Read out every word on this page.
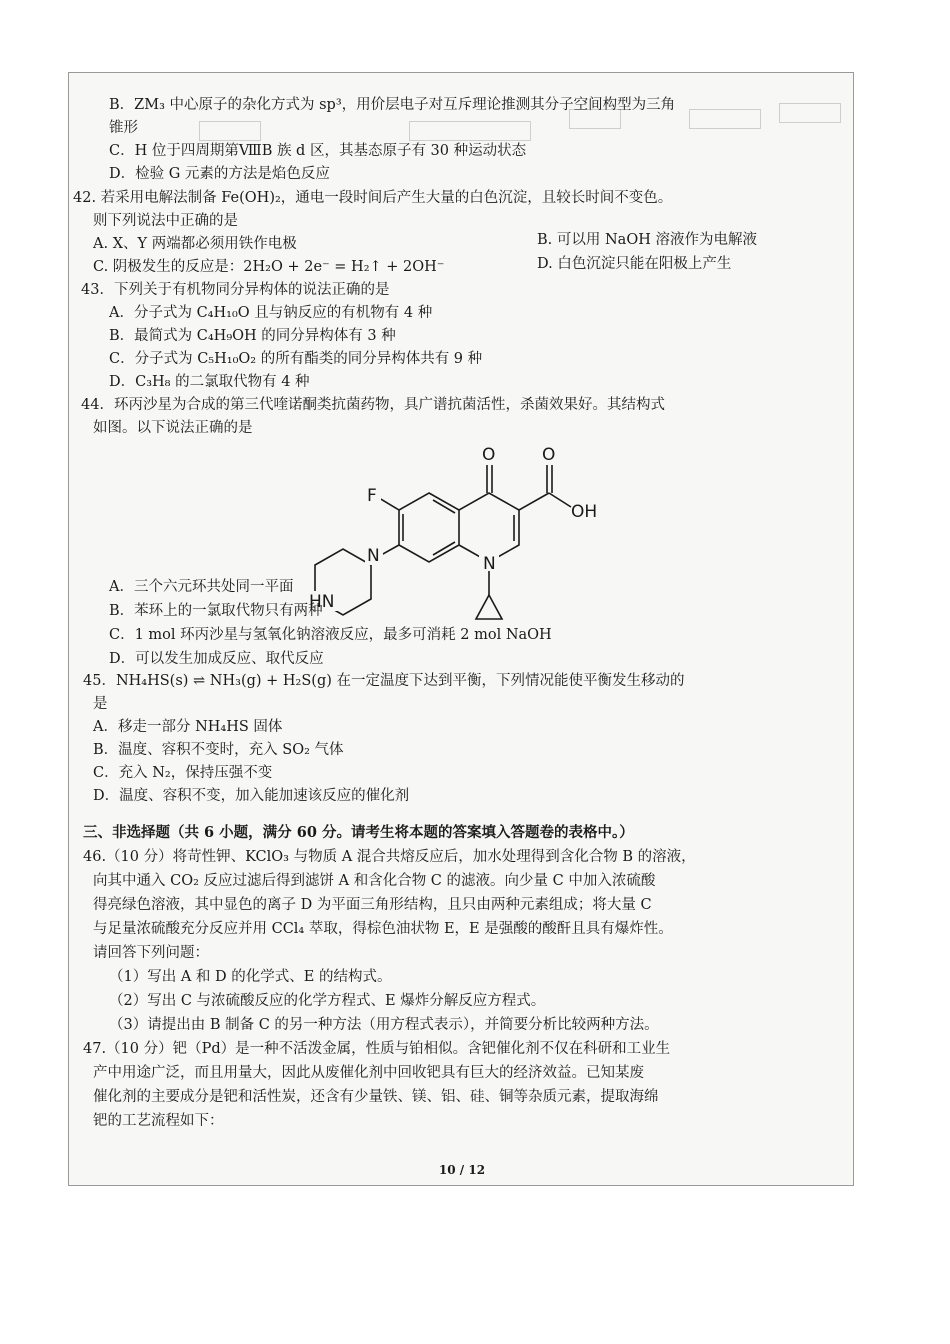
B．ZM₃ 中心原子的杂化方式为 sp³，用价层电子对互斥理论推测其分子空间构型为三角
锥形
C．H 位于四周期第ⅧB 族 d 区，其基态原子有 30 种运动状态
D．检验 G 元素的方法是焰色反应
42. 若采用电解法制备 Fe(OH)₂，通电一段时间后产生大量的白色沉淀，且较长时间不变色。
则下列说法中正确的是
A. X、Y 两端都必须用铁作电极	B. 可以用 NaOH 溶液作为电解液
C. 阴极发生的反应是：2H₂O + 2e⁻ = H₂↑ + 2OH⁻	D. 白色沉淀只能在阳极上产生
43．下列关于有机物同分异构体的说法正确的是
A．分子式为 C₄H₁₀O 且与钠反应的有机物有 4 种
B．最简式为 C₄H₉OH 的同分异构体有 3 种
C．分子式为 C₅H₁₀O₂ 的所有酯类的同分异构体共有 9 种
D．C₃H₈ 的二氯取代物有 4 种
44．环丙沙星为合成的第三代喹诺酮类抗菌药物，具广谱抗菌活性，杀菌效果好。其结构式
如图。以下说法正确的是
F
O	O
OH
N
N
HN
A．三个六元环共处同一平面
B．苯环上的一氯取代物只有两种
C．1 mol 环丙沙星与氢氧化钠溶液反应，最多可消耗 2 mol NaOH
D．可以发生加成反应、取代反应
45．NH₄HS(s) ⇌ NH₃(g) + H₂S(g) 在一定温度下达到平衡，下列情况能使平衡发生移动的
是
A．移走一部分 NH₄HS 固体
B．温度、容积不变时，充入 SO₂ 气体
C．充入 N₂，保持压强不变
D．温度、容积不变，加入能加速该反应的催化剂
三、非选择题（共 6 小题，满分 60 分。请考生将本题的答案填入答题卷的表格中。）
46.（10 分）将苛性钾、KClO₃ 与物质 A 混合共熔反应后，加水处理得到含化合物 B 的溶液，
向其中通入 CO₂ 反应过滤后得到滤饼 A 和含化合物 C 的滤液。向少量 C 中加入浓硫酸
得亮绿色溶液，其中显色的离子 D 为平面三角形结构，且只由两种元素组成；将大量 C
与足量浓硫酸充分反应并用 CCl₄ 萃取，得棕色油状物 E，E 是强酸的酸酐且具有爆炸性。
请回答下列问题：
（1）写出 A 和 D 的化学式、E 的结构式。
（2）写出 C 与浓硫酸反应的化学方程式、E 爆炸分解反应方程式。
（3）请提出由 B 制备 C 的另一种方法（用方程式表示），并简要分析比较两种方法。
47.（10 分）钯（Pd）是一种不活泼金属，性质与铂相似。含钯催化剂不仅在科研和工业生
产中用途广泛，而且用量大，因此从废催化剂中回收钯具有巨大的经济效益。已知某废
催化剂的主要成分是钯和活性炭，还含有少量铁、镁、铝、硅、铜等杂质元素，提取海绵
钯的工艺流程如下：
10 / 12
